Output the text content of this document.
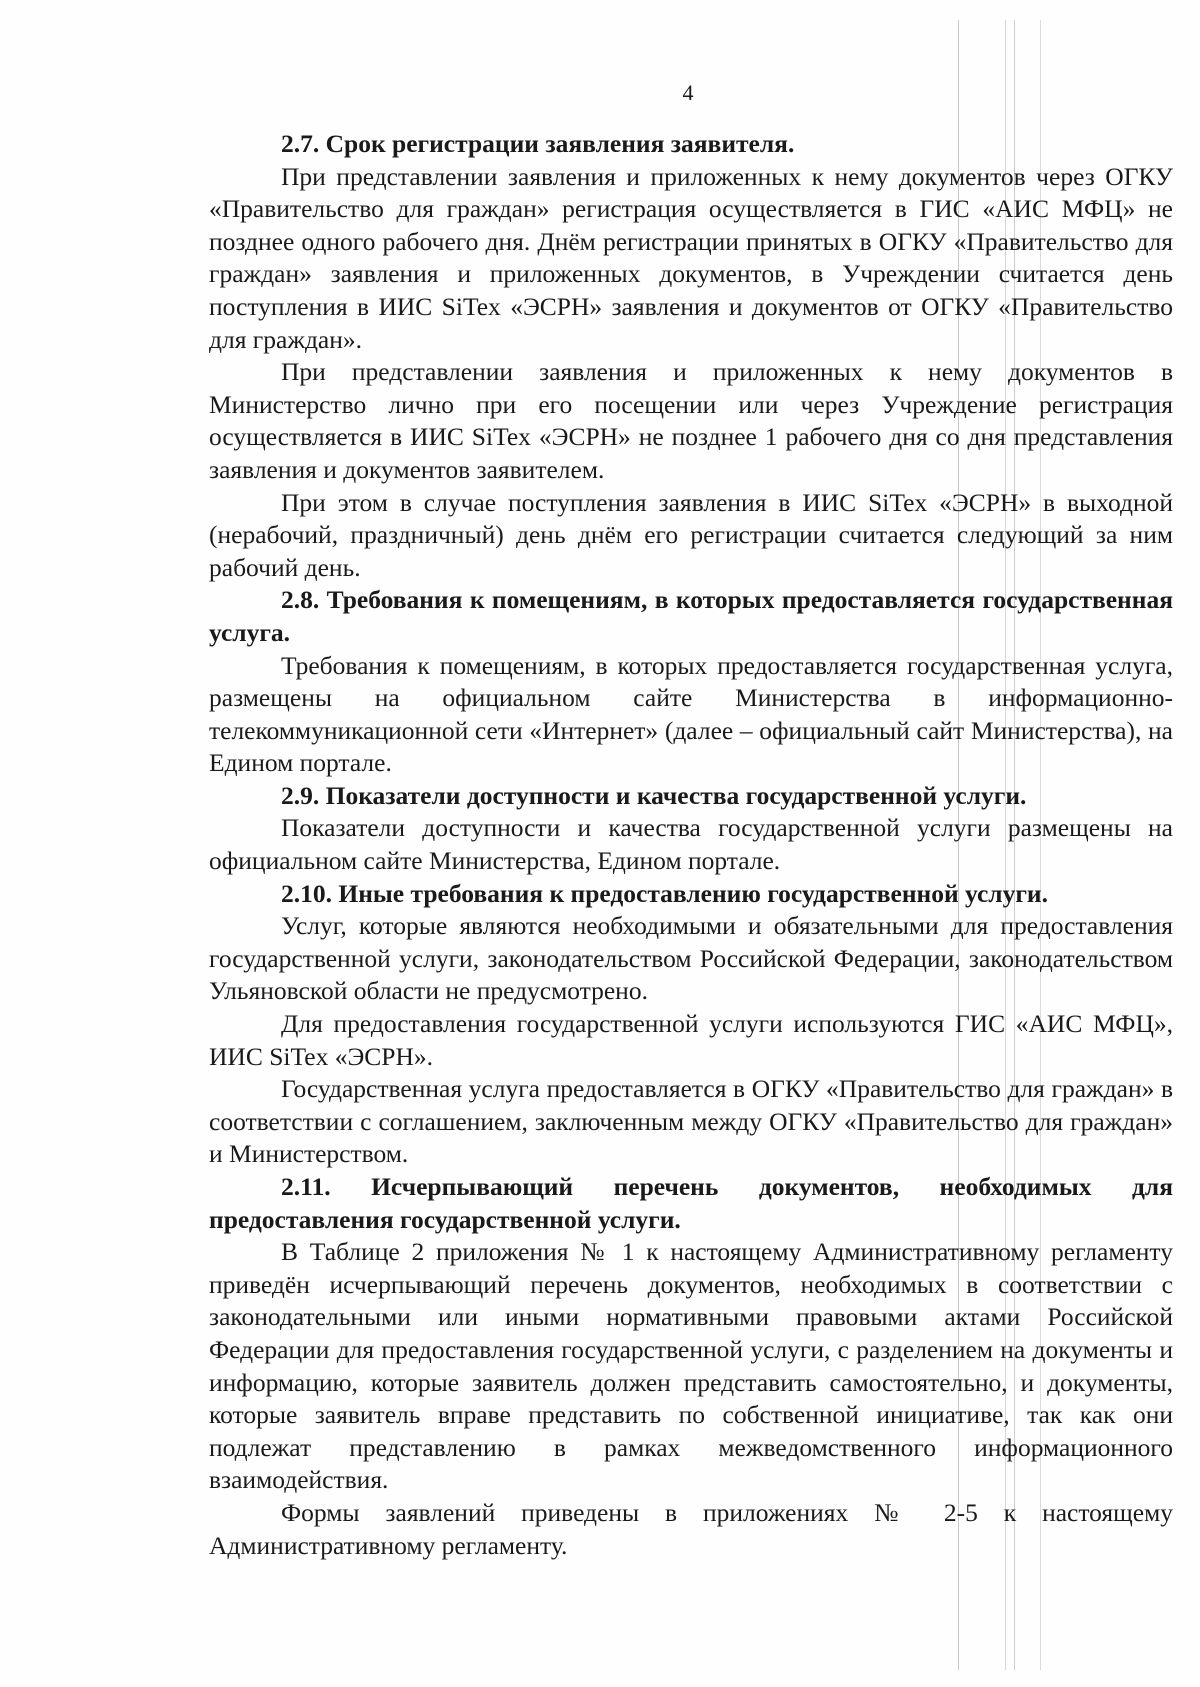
4

2.7. Срок регистрации заявления заявителя.

При представлении заявления и приложенных к нему документов через ОГКУ «Правительство для граждан» регистрация осуществляется в ГИС «АИС МФЦ» не позднее одного рабочего дня. Днём регистрации принятых в ОГКУ «Правительство для граждан» заявления и приложенных документов, в Учреждении считается день поступления в ИИС SiTex «ЭСРН» заявления и документов от ОГКУ «Правительство для граждан».

При представлении заявления и приложенных к нему документов в Министерство лично при его посещении или через Учреждение регистрация осуществляется в ИИС SiTex «ЭСРН» не позднее 1 рабочего дня со дня представления заявления и документов заявителем.

При этом в случае поступления заявления в ИИС SiTex «ЭСРН» в выходной (нерабочий, праздничный) день днём его регистрации считается следующий за ним рабочий день.

2.8. Требования к помещениям, в которых предоставляется государственная услуга.

Требования к помещениям, в которых предоставляется государственная услуга, размещены на официальном сайте Министерства в информационно-телекоммуникационной сети «Интернет» (далее – официальный сайт Министерства), на Едином портале.

2.9. Показатели доступности и качества государственной услуги.

Показатели доступности и качества государственной услуги размещены на официальном сайте Министерства, Едином портале.

2.10. Иные требования к предоставлению государственной услуги.

Услуг, которые являются необходимыми и обязательными для предоставления государственной услуги, законодательством Российской Федерации, законодательством Ульяновской области не предусмотрено.

Для предоставления государственной услуги используются ГИС «АИС МФЦ», ИИС SiTex «ЭСРН».

Государственная услуга предоставляется в ОГКУ «Правительство для граждан» в соответствии с соглашением, заключенным между ОГКУ «Правительство для граждан» и Министерством.

2.11. Исчерпывающий перечень документов, необходимых для предоставления государственной услуги.

В Таблице 2 приложения № 1 к настоящему Административному регламенту приведён исчерпывающий перечень документов, необходимых в соответствии с законодательными или иными нормативными правовыми актами Российской Федерации для предоставления государственной услуги, с разделением на документы и информацию, которые заявитель должен представить самостоятельно, и документы, которые заявитель вправе представить по собственной инициативе, так как они подлежат представлению в рамках межведомственного информационного взаимодействия.

Формы заявлений приведены в приложениях № 2-5 к настоящему Административному регламенту.
